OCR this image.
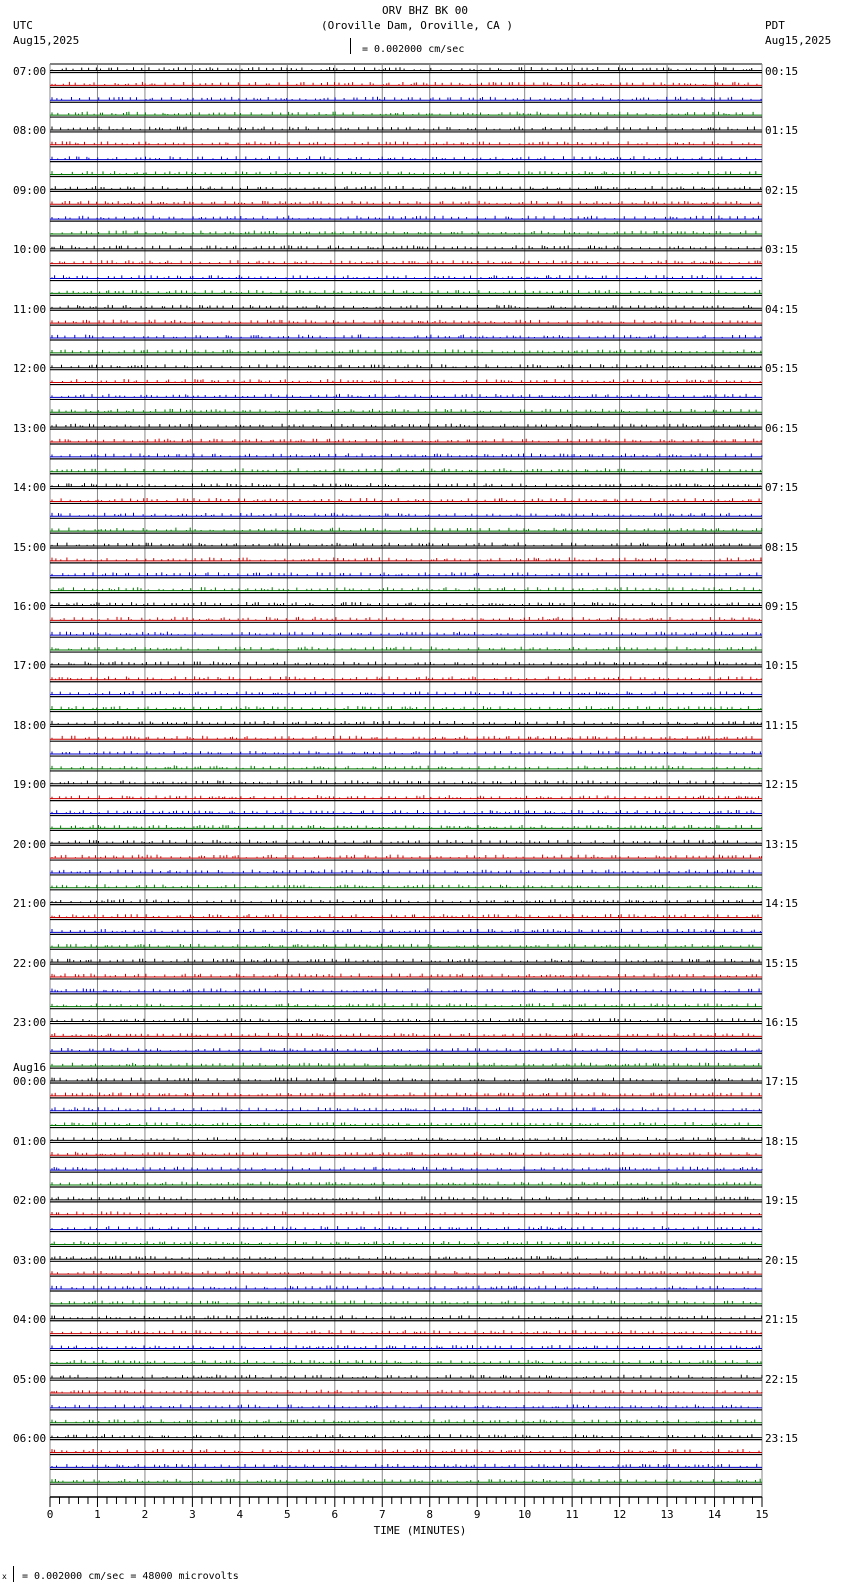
ORV BHZ BK 00
(Oroville Dam, Oroville, CA )
UTC
Aug15,2025
PDT
Aug15,2025
= 0.002000 cm/sec
0	1	2	3	4	5	6	7	8	9	10	11	12	13	14	15
TIME (MINUTES)
07:00
08:00
09:00
10:00
11:00
12:00
13:00
14:00
15:00
16:00
17:00
18:00
19:00
20:00
21:00
22:00
23:00
00:00
Aug16
01:00
02:00
03:00
04:00
05:00
06:00
00:15
01:15
02:15
03:15
04:15
05:15
06:15
07:15
08:15
09:15
10:15
11:15
12:15
13:15
14:15
15:15
16:15
17:15
18:15
19:15
20:15
21:15
22:15
23:15
x = 0.002000 cm/sec = 48000 microvolts
